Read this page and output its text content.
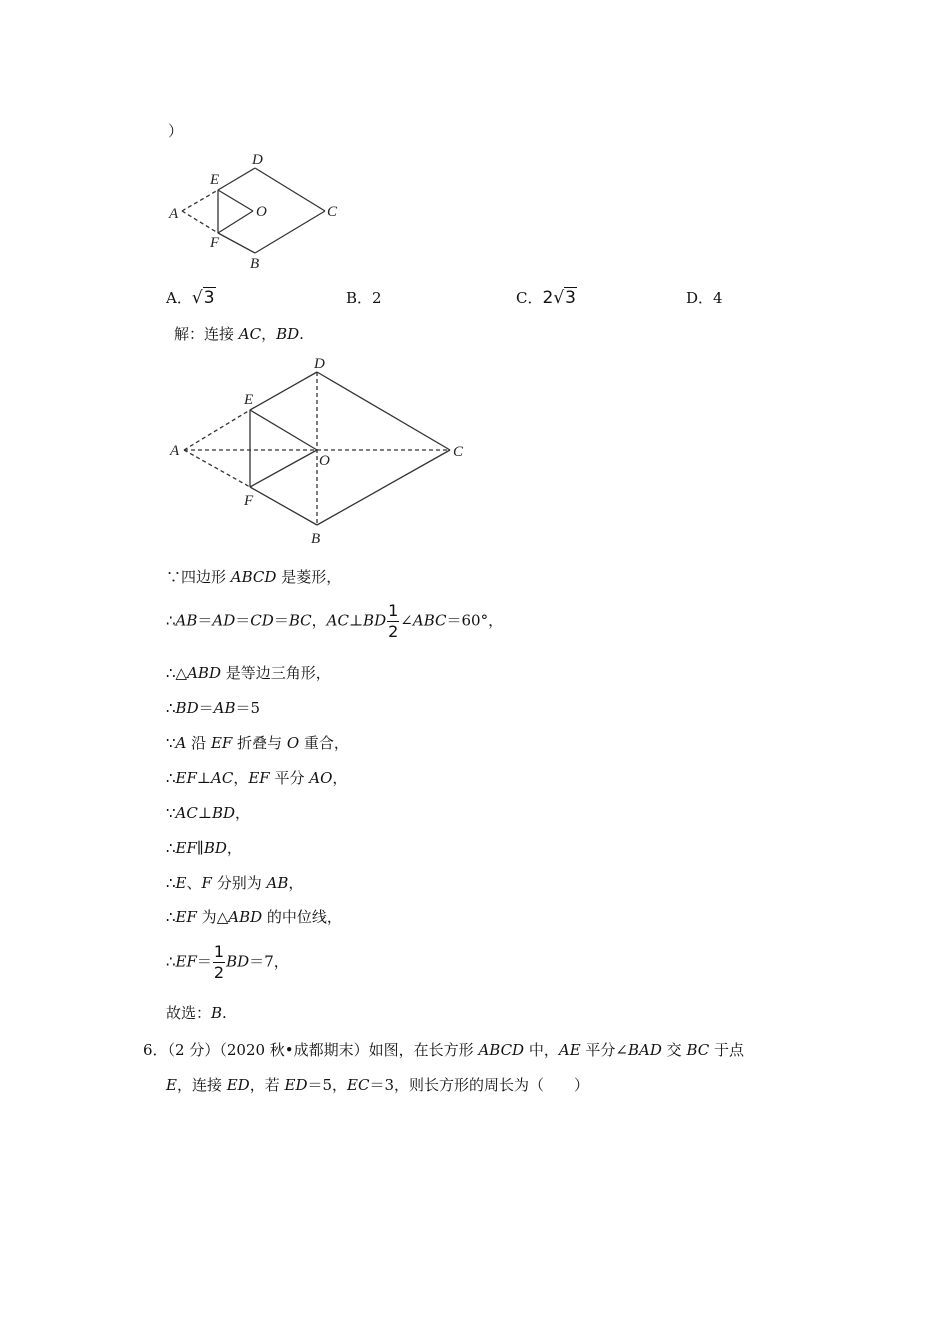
）
D
E
A	O	C
F
B
A．√3	B．2	C．2√3	D．4
解：连接 AC，BD.
D
E
A
O
C
F
B
∵四边形 ABCD 是菱形，
∴AB＝AD＝CD＝BC，AC⊥BD $\frac{1}{2}$ ∠ABC＝60°，
∴△ABD 是等边三角形，
∴BD＝AB＝5
∵A 沿 EF 折叠与 O 重合，
∴EF⊥AC，EF 平分 AO，
∵AC⊥BD，
∴EF∥BD，
∴E、F 分别为 AB，
∴EF 为△ABD 的中位线，
∴EF＝ $\frac{1}{2} BD=7$，
故选：B.
6．（2 分）（2020 秋•成都期末）如图，在长方形 ABCD 中，AE 平分∠BAD 交 BC 于点
E，连接 ED，若 ED＝5，EC＝3，则长方形的周长为（　　）
